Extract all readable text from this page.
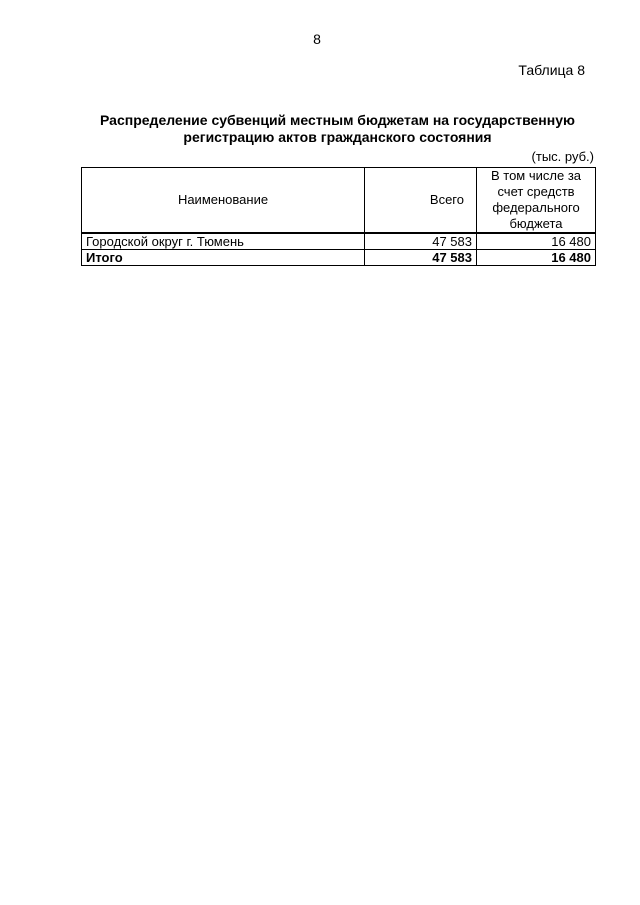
8
Таблица 8
Распределение субвенций местным бюджетам на государственную
регистрацию актов гражданского состояния
(тыс. руб.)
Наименование	Всего	В том числе за счет средств федерального бюджета
Городской округ г. Тюмень	47 583	16 480
Итого	47 583	16 480
